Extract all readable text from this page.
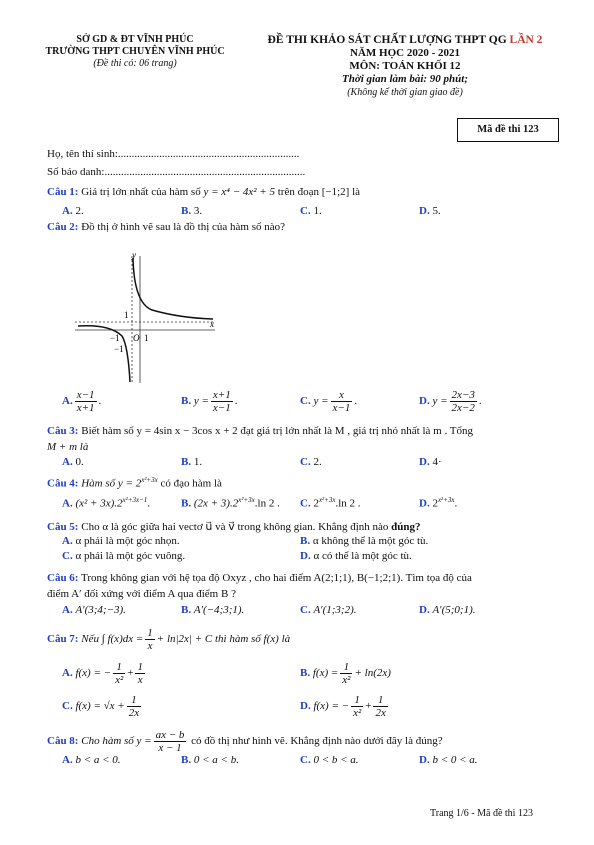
SỞ GD & ĐT VĨNH PHÚC
TRƯỜNG THPT CHUYÊN VĨNH PHÚC
(Đề thi có: 06 trang)
ĐỀ THI KHẢO SÁT CHẤT LƯỢNG THPT QG LẦN 2
NĂM HỌC 2020 - 2021
MÔN: TOÁN KHỐI 12
Thời gian làm bài: 90 phút;
(Không kể thời gian giao đề)
Mã đề thi 123
Họ, tên thí sinh:..................................................................
Số báo danh:.........................................................................
Câu 1: Giá trị lớn nhất của hàm số y = x⁴ − 4x² + 5 trên đoạn [−1;2] là
A. 2.	B. 3.	C. 1.	D. 5.
Câu 2: Đồ thị ở hình vẽ sau là đồ thị của hàm số nào?
y
x
O
1
1
−1
−1
A. $\frac{x-1}{x+1}$ .	B. $y = \frac{x+1}{x-1}$ .	C. $y = \frac{x}{x-1}$ .	D. $y = \frac{2x-3}{2x-2}$ .
Câu 3: Biết hàm số y = 4sin x − 3cos x + 2 đạt giá trị lớn nhất là M , giá trị nhỏ nhất là m . Tổng
M + m là
A. 0.	B. 1.	C. 2.	D. 4·
Câu 4: Hàm số $y = 2^{x^2+3x}$ có đạo hàm là
A. $(x^2 + 3x).2^{x^2+3x-1}$.	B. $(2x + 3).2^{x^2+3x}.\ln$ 2 . C. $2^{x^2+3x}.\ln$ 2 .	D. $2^{x^2+3x}$.
Câu 5: Cho α là góc giữa hai vectơ u⃗ và v⃗ trong không gian. Khẳng định nào đúng?
A. α phải là một góc nhọn.	B. α không thể là một góc tù.
C. α phải là một góc vuông.	D. α có thể là một góc tù.
Câu 6: Trong không gian với hệ tọa độ Oxyz , cho hai điểm A(2;1;1), B(−1;2;1). Tìm tọa độ của
điểm A′ đối xứng với điểm A qua điểm B ?
A. A′(3;4;−3).	B. A′(−4;3;1).	C. A′(1;3;2).	D. A′(5;0;1).
Câu 7: Nếu ∫ $f(x)dx = \frac{1}{x} + \ln|2x| + C$ thì hàm số f(x) là
A. f(x) = − $\frac{1}{\text{x²}} + \frac{1}{x}$	B. $f(x) = \frac{1}{\text{x²}} + \ln(2x)$
C. $f(x) = √x + \frac{1}{2x}$	D. f(x) = − $\frac{1}{\text{x²}} + \frac{1}{2x}$
Câu 8: Cho hàm số $y = \frac{ax - b}{x - 1}$ có đồ thị như hình vẽ. Khẳng định nào dưới đây là đúng?
A. b < a < 0.	B. 0 < a < b.	C. 0 < b < a.	D. b < 0 < a.
Trang 1/6 - Mã đề thi 123
